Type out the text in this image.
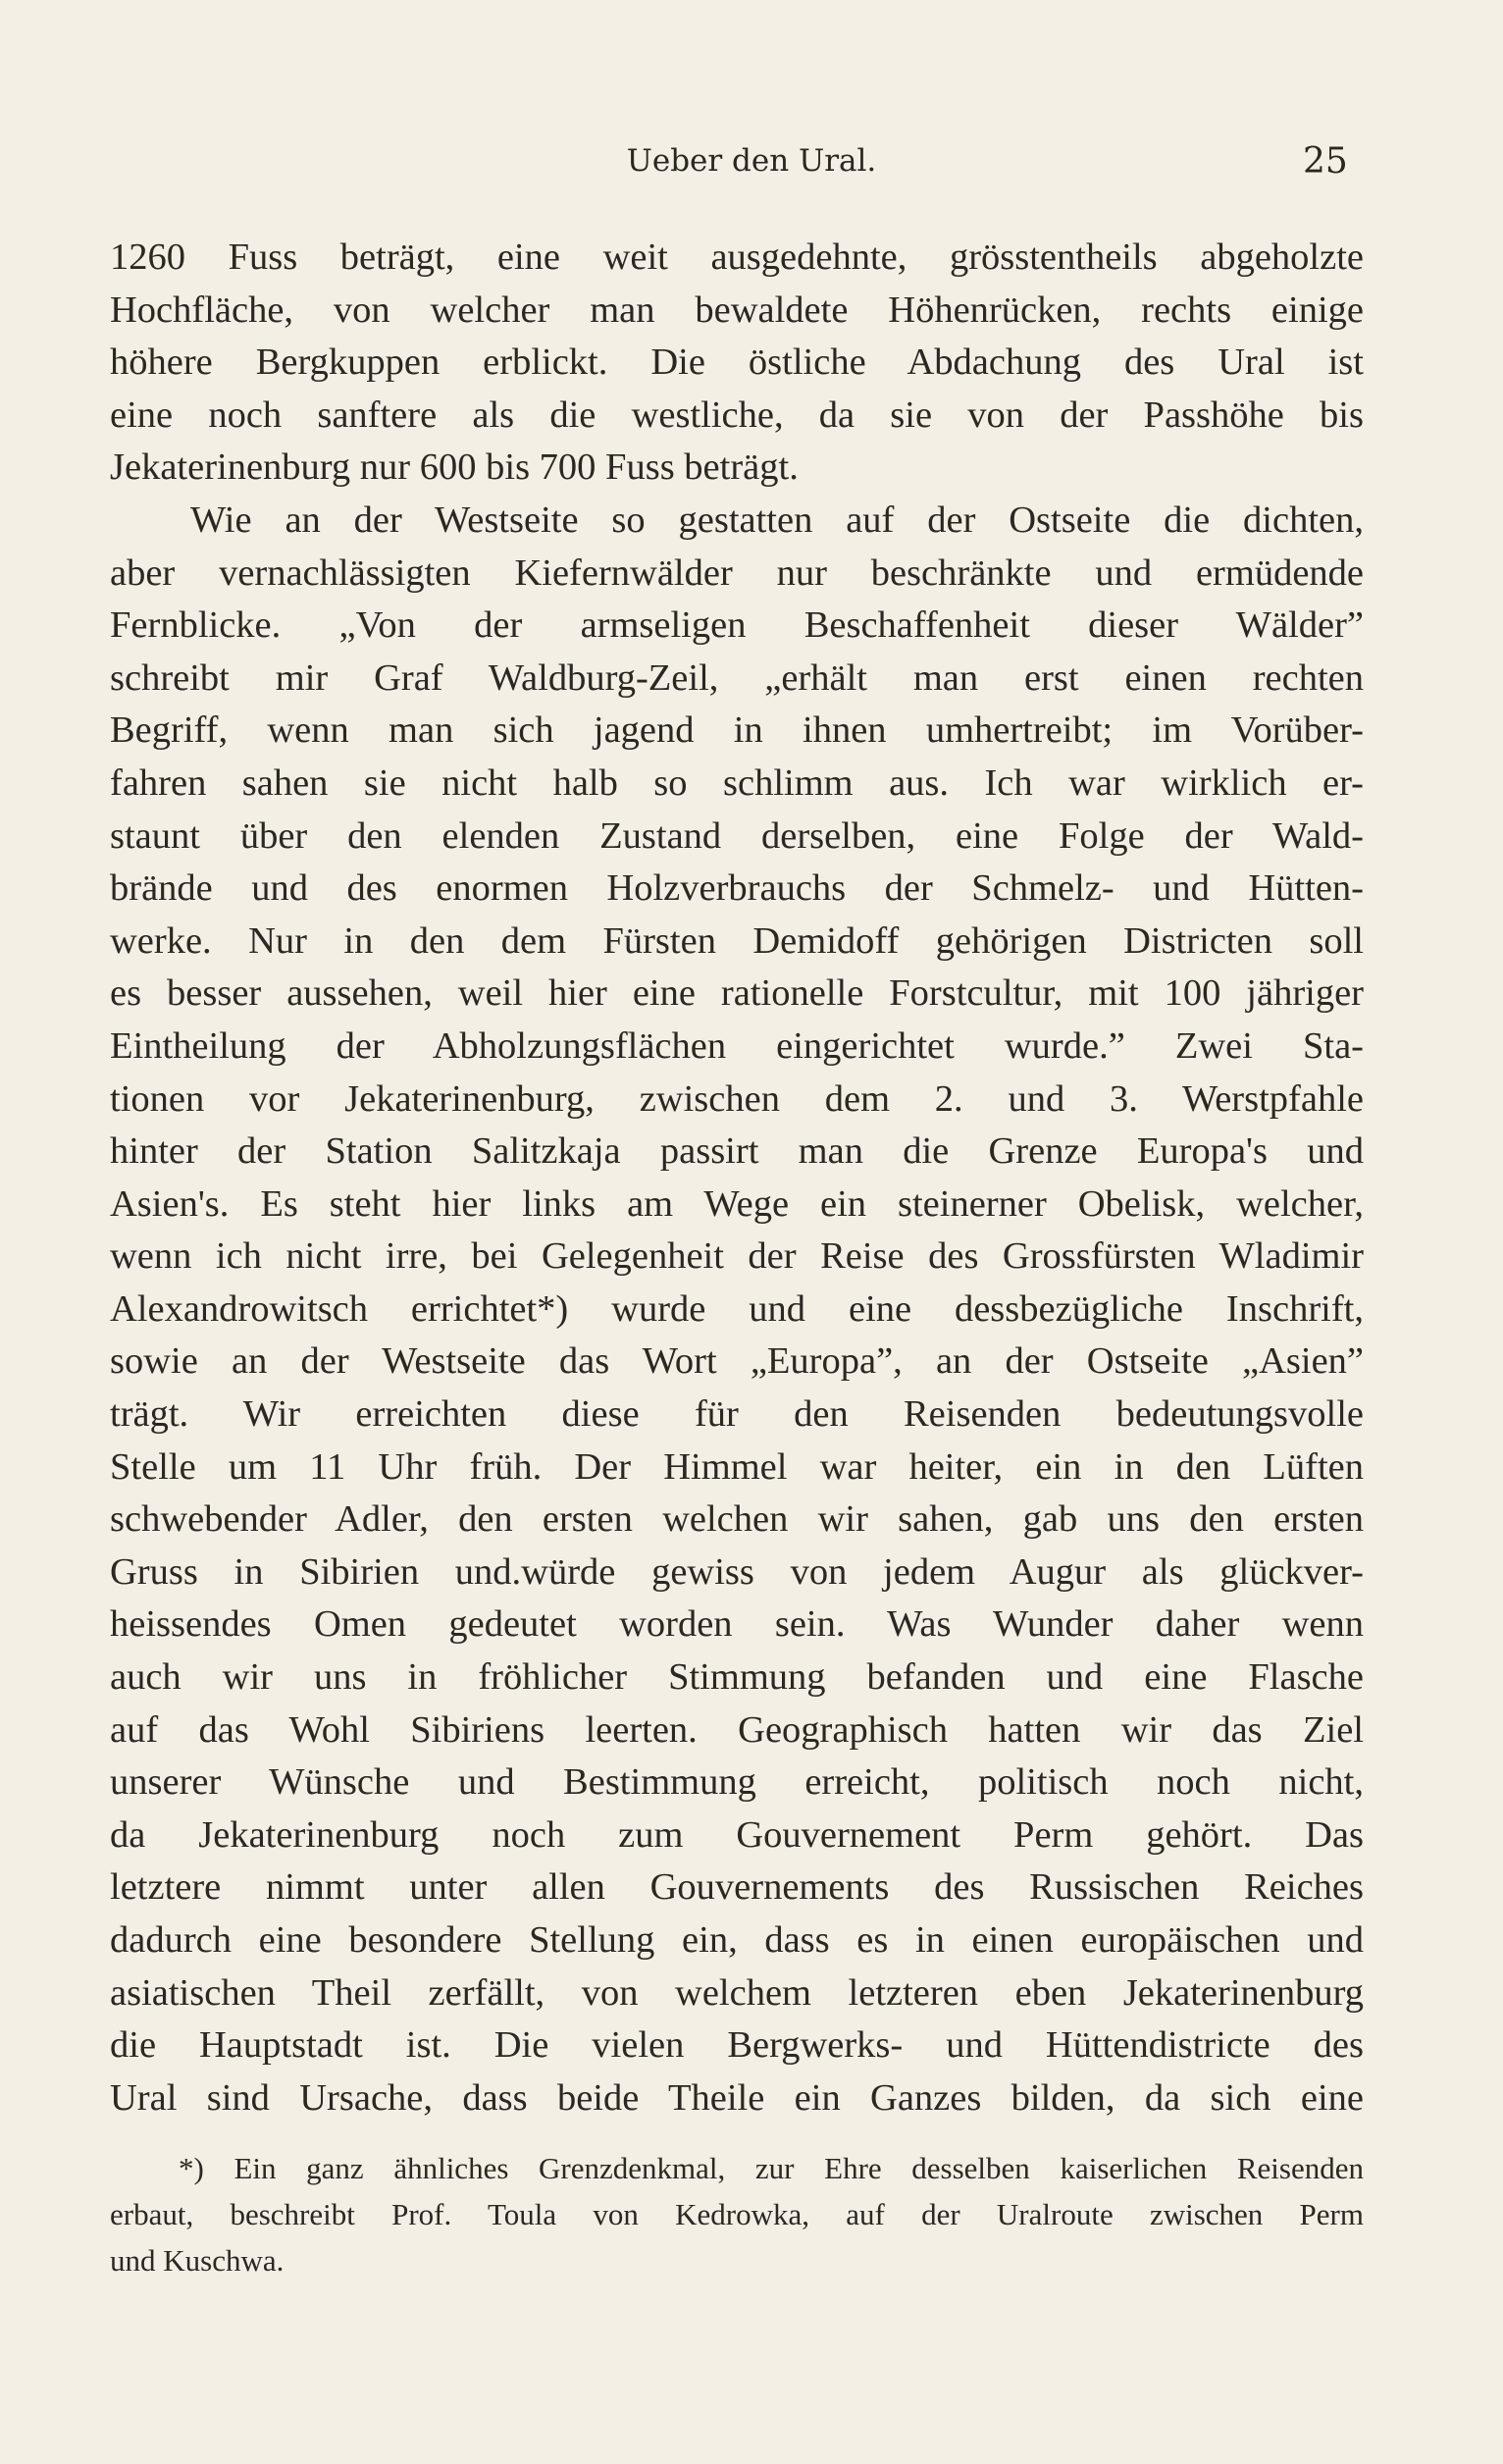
Ueber den Ural.	25
1260 Fuss beträgt, eine weit ausgedehnte, grösstentheils abgeholzte
Hochfläche, von welcher man bewaldete Höhenrücken, rechts einige
höhere Bergkuppen erblickt. Die östliche Abdachung des Ural ist
eine noch sanftere als die westliche, da sie von der Passhöhe bis
Jekaterinenburg nur 600 bis 700 Fuss beträgt.
Wie an der Westseite so gestatten auf der Ostseite die dichten,
aber vernachlässigten Kiefernwälder nur beschränkte und ermüdende
Fernblicke. „Von der armseligen Beschaffenheit dieser Wälder”
schreibt mir Graf Waldburg-Zeil, „erhält man erst einen rechten
Begriff, wenn man sich jagend in ihnen umhertreibt; im Vorüber-
fahren sahen sie nicht halb so schlimm aus. Ich war wirklich er-
staunt über den elenden Zustand derselben, eine Folge der Wald-
brände und des enormen Holzverbrauchs der Schmelz- und Hütten-
werke. Nur in den dem Fürsten Demidoff gehörigen Districten soll
es besser aussehen, weil hier eine rationelle Forstcultur, mit 100 jähriger
Eintheilung der Abholzungsflächen eingerichtet wurde.” Zwei Sta-
tionen vor Jekaterinenburg, zwischen dem 2. und 3. Werstpfahle
hinter der Station Salitzkaja passirt man die Grenze Europa's und
Asien's. Es steht hier links am Wege ein steinerner Obelisk, welcher,
wenn ich nicht irre, bei Gelegenheit der Reise des Grossfürsten Wladimir
Alexandrowitsch errichtet*) wurde und eine dessbezügliche Inschrift,
sowie an der Westseite das Wort „Europa”, an der Ostseite „Asien”
trägt. Wir erreichten diese für den Reisenden bedeutungsvolle
Stelle um 11 Uhr früh. Der Himmel war heiter, ein in den Lüften
schwebender Adler, den ersten welchen wir sahen, gab uns den ersten
Gruss in Sibirien und.würde gewiss von jedem Augur als glückver-
heissendes Omen gedeutet worden sein. Was Wunder daher wenn
auch wir uns in fröhlicher Stimmung befanden und eine Flasche
auf das Wohl Sibiriens leerten. Geographisch hatten wir das Ziel
unserer Wünsche und Bestimmung erreicht, politisch noch nicht,
da Jekaterinenburg noch zum Gouvernement Perm gehört. Das
letztere nimmt unter allen Gouvernements des Russischen Reiches
dadurch eine besondere Stellung ein, dass es in einen europäischen und
asiatischen Theil zerfällt, von welchem letzteren eben Jekaterinenburg
die Hauptstadt ist. Die vielen Bergwerks- und Hüttendistricte des
Ural sind Ursache, dass beide Theile ein Ganzes bilden, da sich eine
*) Ein ganz ähnliches Grenzdenkmal, zur Ehre desselben kaiserlichen Reisenden
erbaut, beschreibt Prof. Toula von Kedrowka, auf der Uralroute zwischen Perm
und Kuschwa.
